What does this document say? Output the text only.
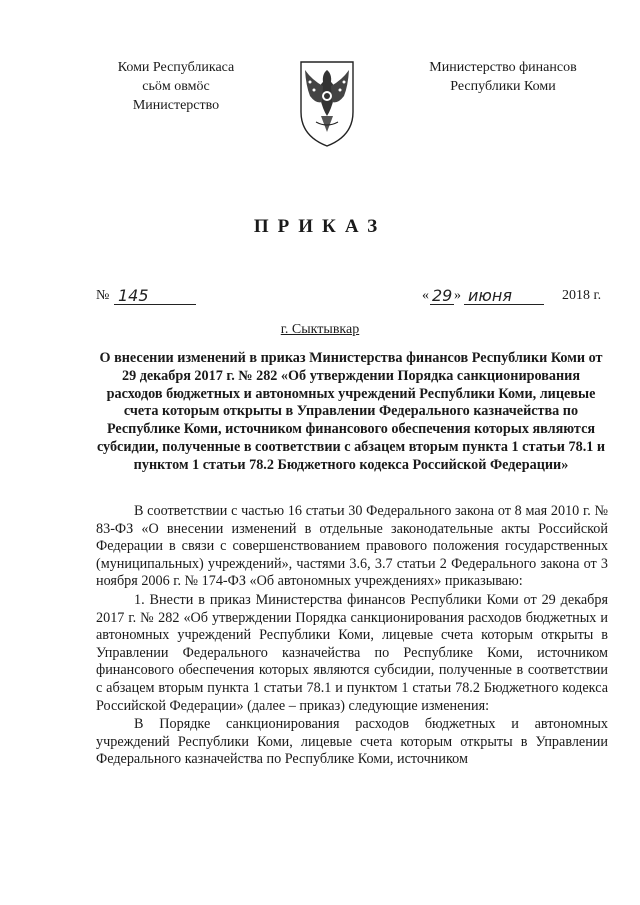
Коми Республикаса
сьӧм овмӧс
Министерство
Министерство финансов
Республики Коми
ПРИКАЗ
№ 145	« 29 » июня	2018 г.
г. Сыктывкар
О внесении изменений в приказ Министерства финансов Республики Коми от 29 декабря 2017 г. № 282 «Об утверждении Порядка санкционирования расходов бюджетных и автономных учреждений Республики Коми, лицевые счета которым открыты в Управлении Федерального казначейства по Республике Коми, источником финансового обеспечения которых являются субсидии, полученные в соответствии с абзацем вторым пункта 1 статьи 78.1 и пунктом 1 статьи 78.2 Бюджетного кодекса Российской Федерации»

В соответствии с частью 16 статьи 30 Федерального закона от 8 мая 2010 г. № 83-ФЗ «О внесении изменений в отдельные законодательные акты Российской Федерации в связи с совершенствованием правового положения государственных (муниципальных) учреждений», частями 3.6, 3.7 статьи 2 Федерального закона от 3 ноября 2006 г. № 174-ФЗ «Об автономных учреждениях» приказываю:

1. Внести в приказ Министерства финансов Республики Коми от 29 декабря 2017 г. № 282 «Об утверждении Порядка санкционирования расходов бюджетных и автономных учреждений Республики Коми, лицевые счета которым открыты в Управлении Федерального казначейства по Республике Коми, источником финансового обеспечения которых являются субсидии, полученные в соответствии с абзацем вторым пункта 1 статьи 78.1 и пунктом 1 статьи 78.2 Бюджетного кодекса Российской Федерации» (далее – приказ) следующие изменения:

В Порядке санкционирования расходов бюджетных и автономных учреждений Республики Коми, лицевые счета которым открыты в Управлении Федерального казначейства по Республике Коми, источником
